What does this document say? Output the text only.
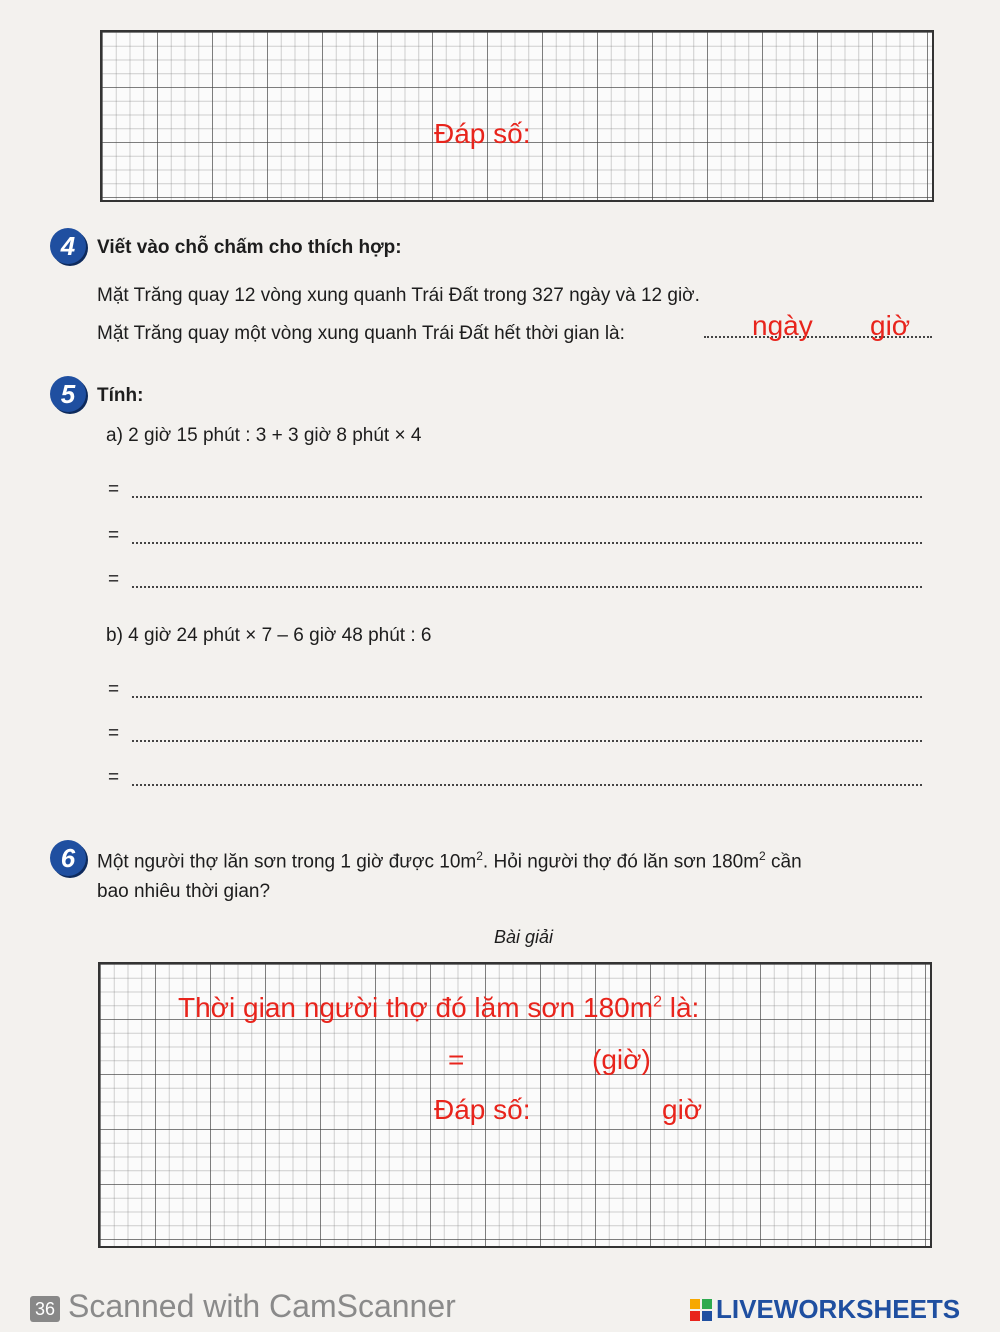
Đáp số:
4	Viết vào chỗ chấm cho thích hợp:
Mặt Trăng quay 12 vòng xung quanh Trái Đất trong 327 ngày và 12 giờ.
Mặt Trăng quay một vòng xung quanh Trái Đất hết thời gian là:	ngày giờ
5	Tính:
a) 2 giờ 15 phút : 3 + 3 giờ 8 phút × 4
=
=
=
b) 4 giờ 24 phút × 7 – 6 giờ 48 phút : 6
=
=
=
6	Một người thợ lăn sơn trong 1 giờ được $10m^2$. Hỏi người thợ đó lăn sơn $180m^2$ cần
bao nhiêu thời gian?
Bài giải
Thời gian người thợ đó lăm sơn $180m^2$ là:
=	(giờ)
Đáp số:	giờ
36 Scanned with CamScanner	LIVEWORKSHEETS
